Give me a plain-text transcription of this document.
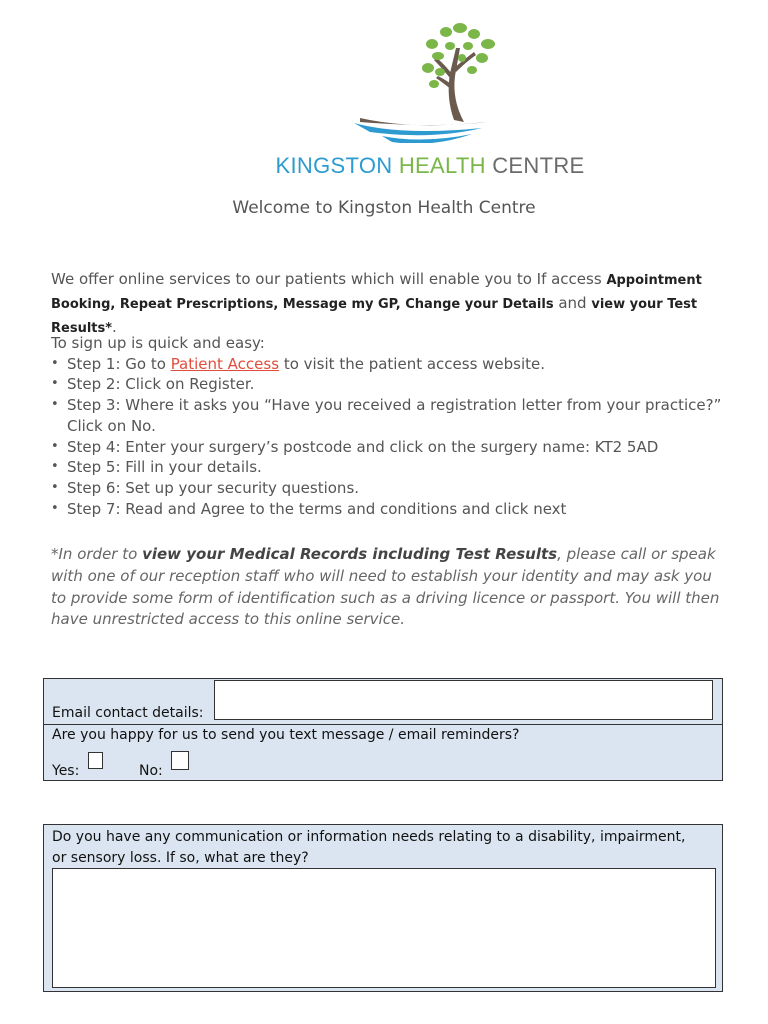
KINGSTON HEALTH CENTRE
Welcome to Kingston Health Centre
We offer online services to our patients which will enable you to If access Appointment Booking, Repeat Prescriptions, Message my GP, Change your Details and view your Test Results*.
To sign up is quick and easy:
• Step 1: Go to Patient Access to visit the patient access website.
• Step 2: Click on Register.
• Step 3: Where it asks you “Have you received a registration letter from your practice?” Click on No.
• Step 4: Enter your surgery’s postcode and click on the surgery name: KT2 5AD
• Step 5: Fill in your details.
• Step 6: Set up your security questions.
• Step 7: Read and Agree to the terms and conditions and click next
*In order to view your Medical Records including Test Results, please call or speak with one of our reception staff who will need to establish your identity and may ask you to provide some form of identification such as a driving licence or passport. You will then have unrestricted access to this online service.
Email contact details:
Are you happy for us to send you text message / email reminders?
Yes:	No:
Do you have any communication or information needs relating to a disability, impairment, or sensory loss. If so, what are they?
